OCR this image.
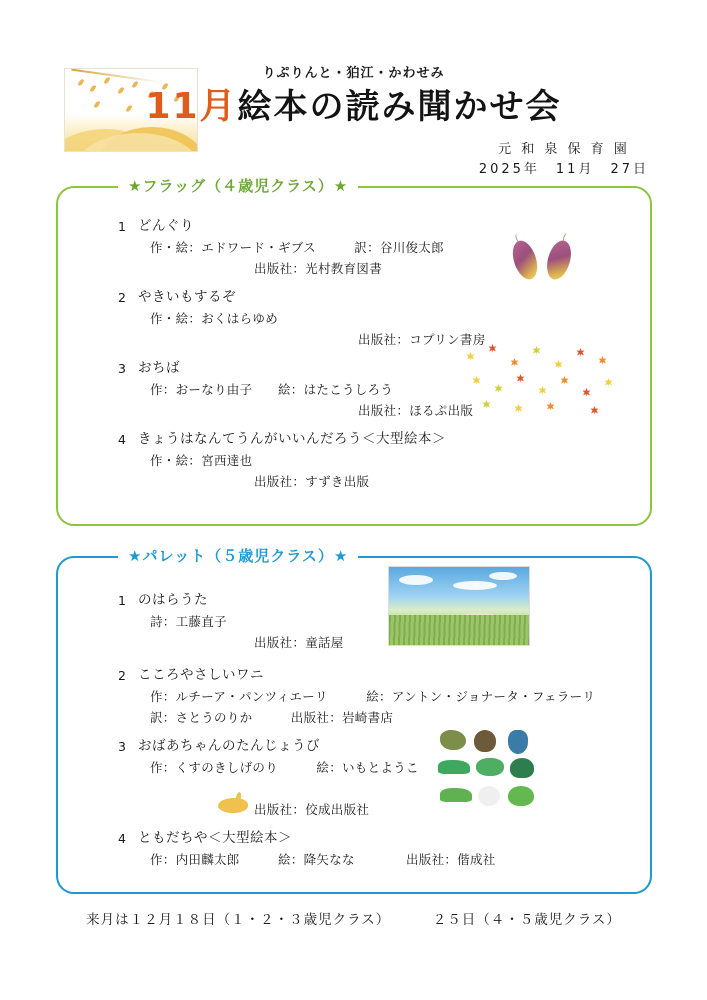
りぷりんと・狛江・かわせみ
11月絵本の読み聞かせ会
元 和 泉 保 育 園
2025年　11月　27日
★フラッグ（４歳児クラス）★
1 どんぐり
作・絵：エドワード・ギブス　　　訳：谷川俊太郎
出版社：光村教育図書
2 やきいもするぞ
作・絵：おくはらゆめ
出版社：コプリン書房
3 おちば
作：おーなり由子　　絵：はたこうしろう
出版社：ほるぷ出版
4 きょうはなんてうんがいいんだろう＜大型絵本＞
作・絵：宮西達也
出版社：すずき出版
★パレット（５歳児クラス）★
1 のはらうた
詩：工藤直子
出版社：童話屋
2 こころやさしいワニ
作：ルチーア・パンツィエーリ　　　絵：アントン・ジョナータ・フェラーリ
訳：さとうのりか　　　出版社：岩崎書店
3 おばあちゃんのたんじょうび
作：くすのきしげのり　　　絵：いもとようこ
出版社：佼成出版社
4 ともだちや＜大型絵本＞
作：内田麟太郎　　　絵：降矢なな　　　　出版社：偕成社
来月は１２月１８日（１・２・３歳児クラス）	２５日（４・５歳児クラス）
